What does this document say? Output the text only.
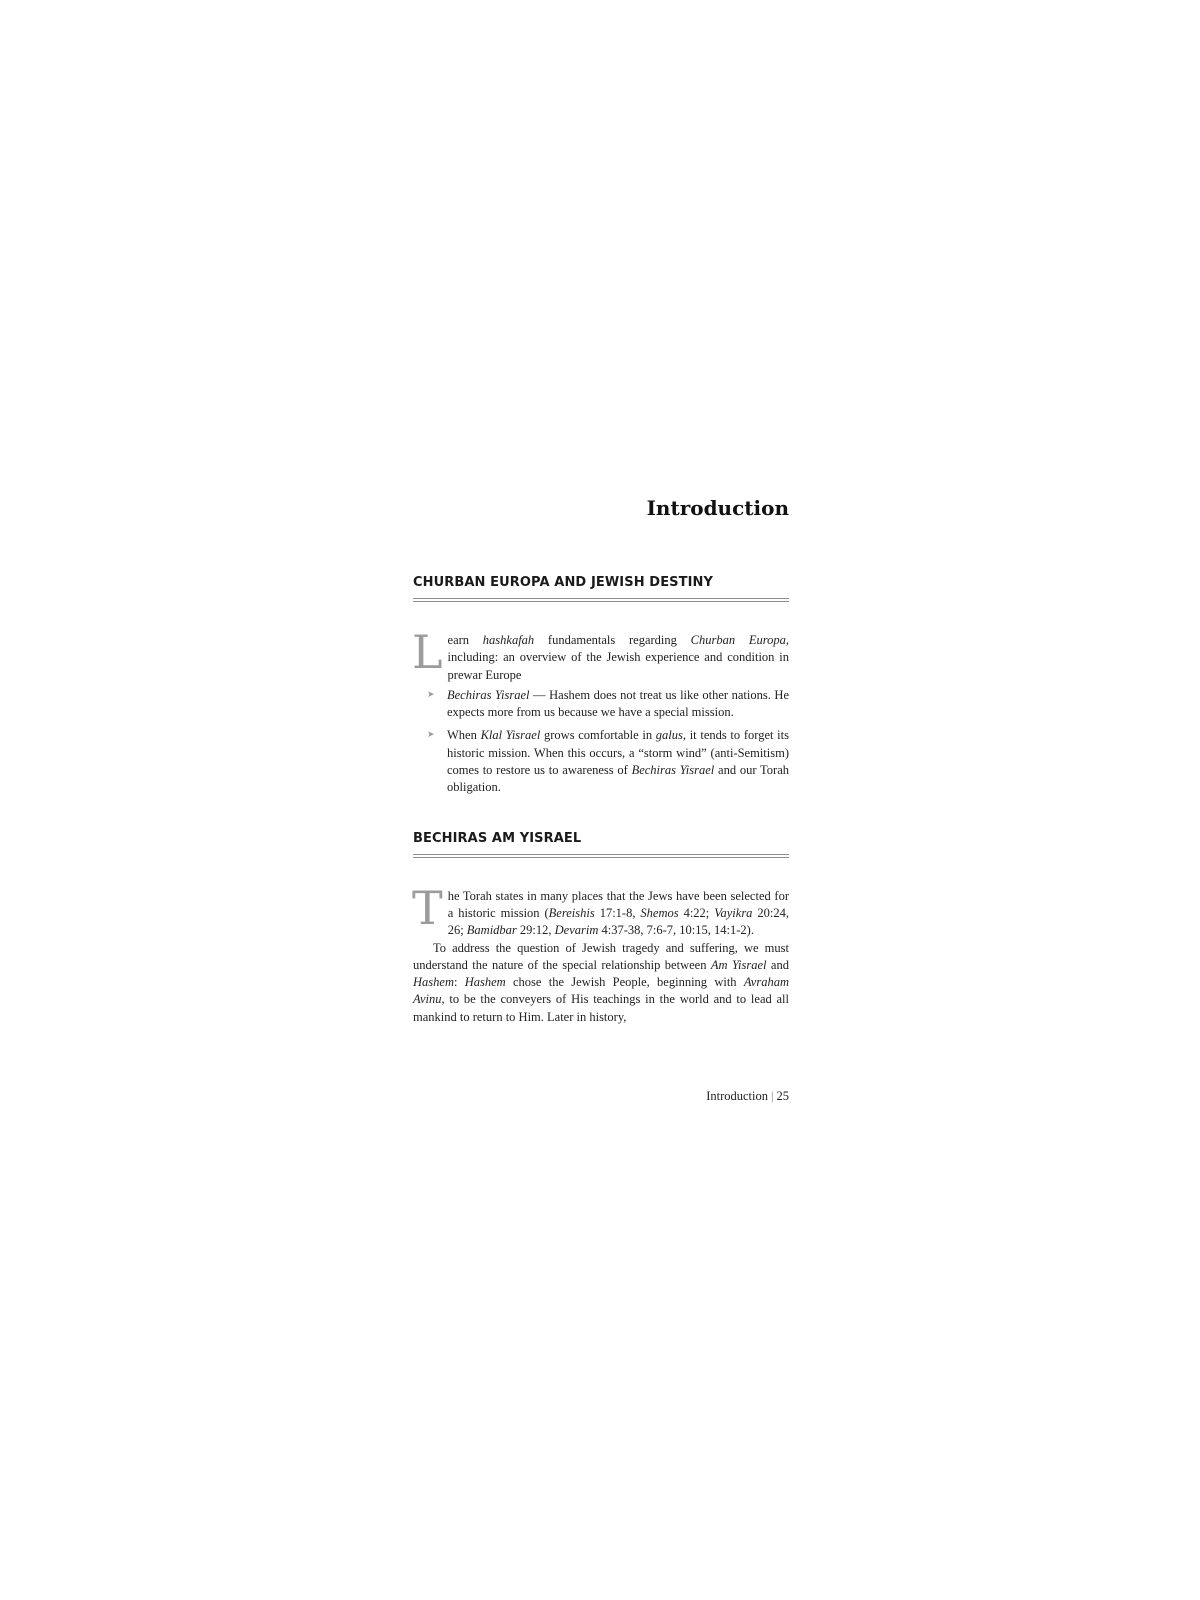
Introduction
CHURBAN EUROPA AND JEWISH DESTINY

Learn hashkafah fundamentals regarding Churban Europa, including: an overview of the Jewish experience and condition in prewar Europe

➤ Bechiras Yisrael — Hashem does not treat us like other nations. He expects more from us because we have a special mission.
➤ When Klal Yisrael grows comfortable in galus, it tends to forget its historic mission. When this occurs, a “storm wind” (anti-Semitism) comes to restore us to awareness of Bechiras Yisrael and our Torah obligation.
BECHIRAS AM YISRAEL

The Torah states in many places that the Jews have been selected for a historic mission (Bereishis 17:1-8, Shemos 4:22; Vayikra 20:24, 26; Bamidbar 29:12, Devarim 4:37-38, 7:6-7, 10:15, 14:1-2).

To address the question of Jewish tragedy and suffering, we must understand the nature of the special relationship between Am Yisrael and Hashem: Hashem chose the Jewish People, beginning with Avraham Avinu, to be the conveyers of His teachings in the world and to lead all mankind to return to Him. Later in history,

Introduction | 25
